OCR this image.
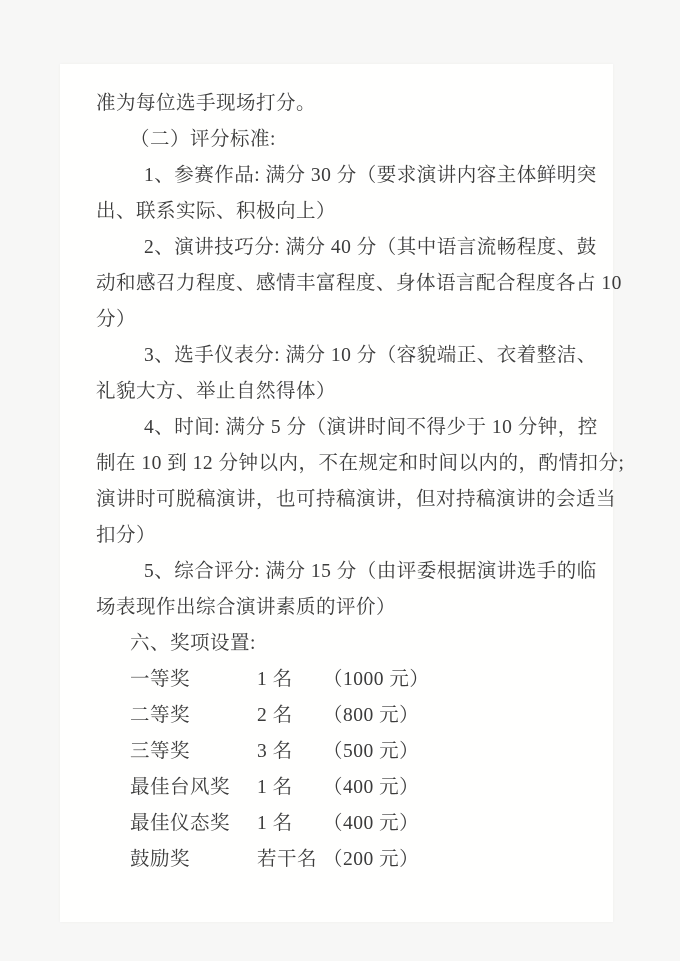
准为每位选手现场打分。
（二）评分标准:
1、参赛作品: 满分 30 分（要求演讲内容主体鲜明突
出、联系实际、积极向上）
2、演讲技巧分: 满分 40 分（其中语言流畅程度、鼓
动和感召力程度、感情丰富程度、身体语言配合程度各占 10
分）
3、选手仪表分: 满分 10 分（容貌端正、衣着整洁、
礼貌大方、举止自然得体）
4、时间: 满分 5 分（演讲时间不得少于 10 分钟，控
制在 10 到 12 分钟以内，不在规定和时间以内的，酌情扣分;
演讲时可脱稿演讲，也可持稿演讲，但对持稿演讲的会适当
扣分）
5、综合评分: 满分 15 分（由评委根据演讲选手的临
场表现作出综合演讲素质的评价）
六、奖项设置:
一等奖	1 名	（1000 元）
二等奖	2 名	（800 元）
三等奖	3 名	（500 元）
最佳台风奖	1 名	（400 元）
最佳仪态奖	1 名	（400 元）
鼓励奖	若干名 （200 元）
